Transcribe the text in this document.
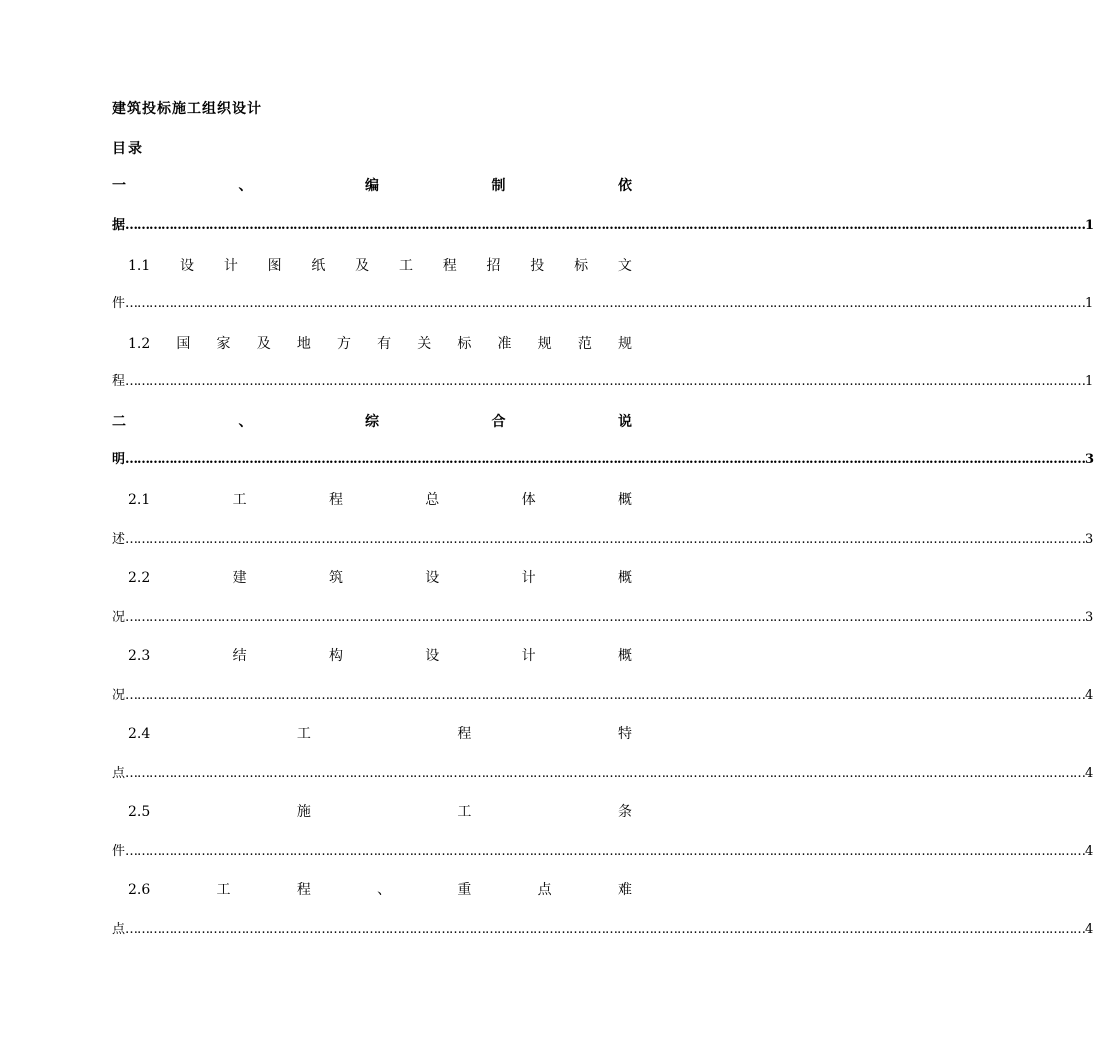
建筑投标施工组织设计
目录
一	、	编	制	依
据 …………………………………………………………………………………………………………………………………………………………………………………………………………………… 1
1.1 设 计 图 纸 及 工 程 招 投 标 文
件 …………………………………………………………………………………………………………………………………………………………………………………………………………………… 1
1.2 国 家 及 地 方 有 关 标 准 规 范 规
程 …………………………………………………………………………………………………………………………………………………………………………………………………………………… 1
二	、	综	合	说
明 …………………………………………………………………………………………………………………………………………………………………………………………………………………… 3
2.1	工	程	总	体	概
述 …………………………………………………………………………………………………………………………………………………………………………………………………………………… 3
2.2	建	筑	设	计	概
况 …………………………………………………………………………………………………………………………………………………………………………………………………………………… 3
2.3	结	构	设	计	概
况 …………………………………………………………………………………………………………………………………………………………………………………………………………………… 4
2.4	工	程	特
点 …………………………………………………………………………………………………………………………………………………………………………………………………………………… 4
2.5	施	工	条
件 …………………………………………………………………………………………………………………………………………………………………………………………………………………… 4
2.6	工	程	、	重	点	难
点 …………………………………………………………………………………………………………………………………………………………………………………………………………………… 4
